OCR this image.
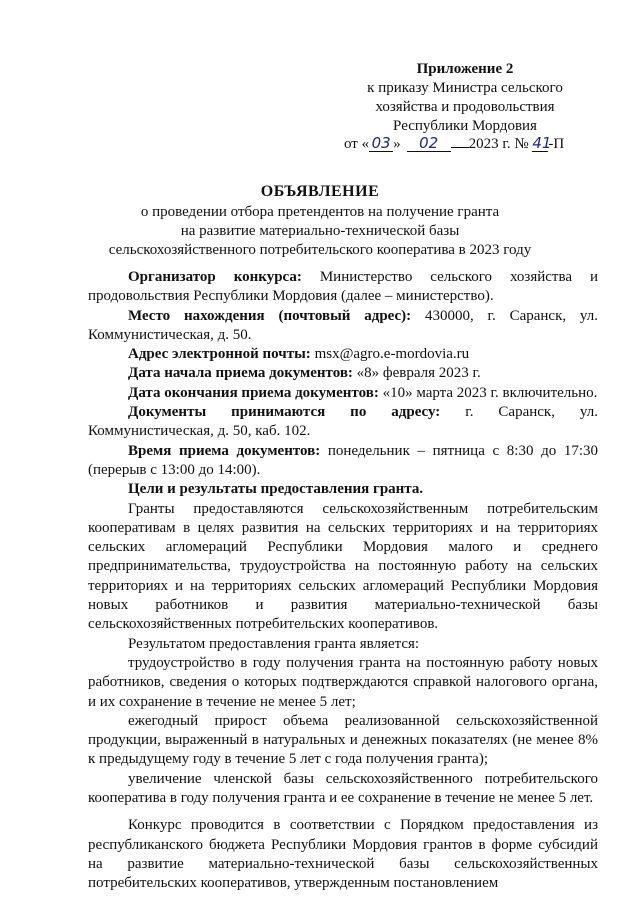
Приложение 2
к приказу Министра сельского
хозяйства и продовольствия
Республики Мордовия
от « 03 » 02 2023 г. № 41-П
ОБЪЯВЛЕНИЕ
о проведении отбора претендентов на получение гранта
на развитие материально-технической базы
сельскохозяйственного потребительского кооператива в 2023 году

Организатор конкурса: Министерство сельского хозяйства и продовольствия Республики Мордовия (далее – министерство).

Место нахождения (почтовый адрес): 430000, г. Саранск, ул. Коммунистическая, д. 50.

Адрес электронной почты: msx@agro.e-mordovia.ru

Дата начала приема документов: «8» февраля 2023 г.

Дата окончания приема документов: «10» марта 2023 г. включительно.

Документы принимаются по адресу: г. Саранск, ул. Коммунистическая, д. 50, каб. 102.

Время приема документов: понедельник – пятница с 8:30 до 17:30 (перерыв с 13:00 до 14:00).

Цели и результаты предоставления гранта.

Гранты предоставляются сельскохозяйственным потребительским кооперативам в целях развития на сельских территориях и на территориях сельских агломераций Республики Мордовия малого и среднего предпринимательства, трудоустройства на постоянную работу на сельских территориях и на территориях сельских агломераций Республики Мордовия новых работников и развития материально-технической базы сельскохозяйственных потребительских кооперативов.

Результатом предоставления гранта является:

трудоустройство в году получения гранта на постоянную работу новых работников, сведения о которых подтверждаются справкой налогового органа, и их сохранение в течение не менее 5 лет;

ежегодный прирост объема реализованной сельскохозяйственной продукции, выраженный в натуральных и денежных показателях (не менее 8% к предыдущему году в течение 5 лет с года получения гранта);

увеличение членской базы сельскохозяйственного потребительского кооператива в году получения гранта и ее сохранение в течение не менее 5 лет.

Конкурс проводится в соответствии с Порядком предоставления из республиканского бюджета Республики Мордовия грантов в форме субсидий на развитие материально-технической базы сельскохозяйственных потребительских кооперативов, утвержденным постановлением
